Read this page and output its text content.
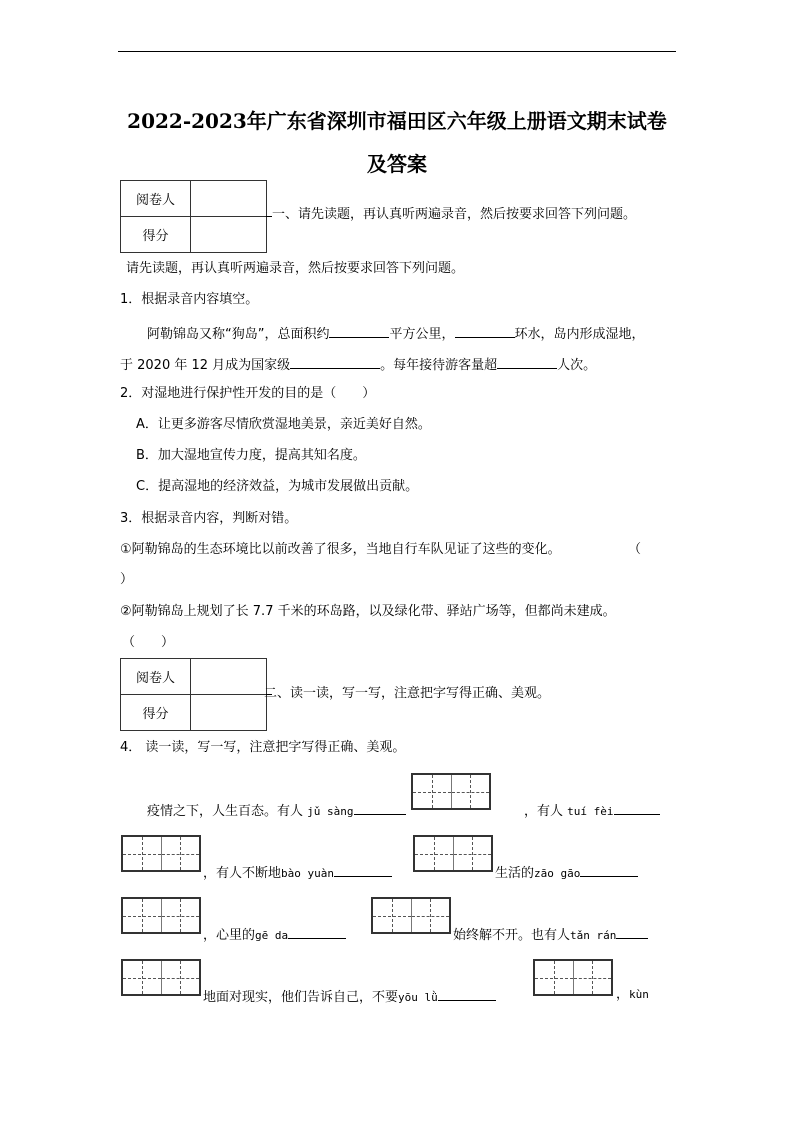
2022-2023年广东省深圳市福田区六年级上册语文期末试卷
及答案
阅卷人	
得分	
一、请先读题，再认真听两遍录音，然后按要求回答下列问题。
请先读题，再认真听两遍录音，然后按要求回答下列问题。
1．根据录音内容填空。
阿勒锦岛又称“狗岛”，总面积约	平方公里，	环水，岛内形成湿地，
于 2020 年 12 月成为国家级	。每年接待游客量超	人次。
2．对湿地进行保护性开发的目的是（　　）
A．让更多游客尽情欣赏湿地美景，亲近美好自然。
B．加大湿地宣传力度，提高其知名度。
C．提高湿地的经济效益，为城市发展做出贡献。
3．根据录音内容，判断对错。
①阿勒锦岛的生态环境比以前改善了很多，当地自行车队见证了这些的变化。	（
）
②阿勒锦岛上规划了长 7.7 千米的环岛路，以及绿化带、驿站广场等，但都尚未建成。
（　　）
阅卷人	
得分	
二、读一读，写一写，注意把字写得正确、美观。
4． 读一读，写一写，注意把字写得正确、美观。
疫情之下，人生百态。有人 jǔ sàng	，有人 tuí fèi
，有人不断地bào yuàn	生活的zāo gāo
，心里的gē da	始终解不开。也有人tǎn rán
地面对现实，他们告诉自己，不要yōu lǜ	，kùn
